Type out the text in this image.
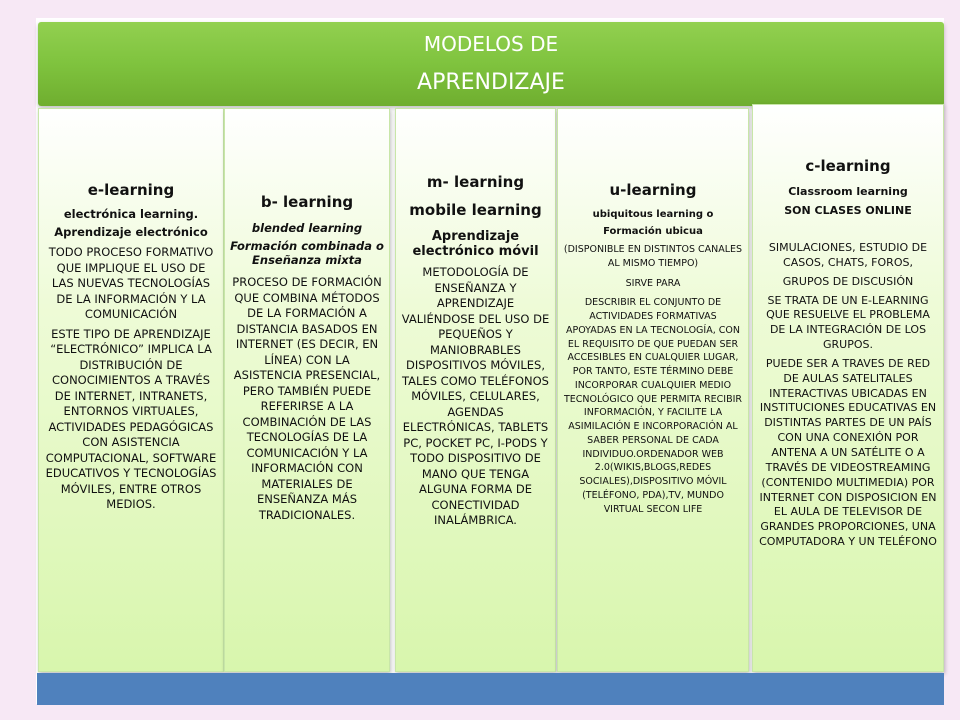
MODELOS DE
APRENDIZAJE

e-learning

electrónica learning.

Aprendizaje electrónico

TODO PROCESO FORMATIVO QUE IMPLIQUE EL USO DE LAS NUEVAS TECNOLOGÍAS DE LA INFORMACIÓN Y LA COMUNICACIÓN

ESTE TIPO DE APRENDIZAJE “ELECTRÓNICO” IMPLICA LA DISTRIBUCIÓN DE CONOCIMIENTOS A TRAVÉS DE INTERNET, INTRANETS, ENTORNOS VIRTUALES, ACTIVIDADES PEDAGÓGICAS CON ASISTENCIA COMPUTACIONAL, SOFTWARE EDUCATIVOS Y TECNOLOGÍAS MÓVILES, ENTRE OTROS MEDIOS.

b- learning

blended learning

Formación combinada o Enseñanza mixta

PROCESO DE FORMACIÓN QUE COMBINA MÉTODOS DE LA FORMACIÓN A DISTANCIA BASADOS EN INTERNET (ES DECIR, EN LÍNEA) CON LA ASISTENCIA PRESENCIAL, PERO TAMBIÉN PUEDE REFERIRSE A LA COMBINACIÓN DE LAS TECNOLOGÍAS DE LA COMUNICACIÓN Y LA INFORMACIÓN CON MATERIALES DE ENSEÑANZA MÁS TRADICIONALES.

m- learning

mobile learning

Aprendizaje electrónico móvil

METODOLOGÍA DE ENSEÑANZA Y APRENDIZAJE VALIÉNDOSE DEL USO DE PEQUEÑOS Y MANIOBRABLES DISPOSITIVOS MÓVILES, TALES COMO TELÉFONOS MÓVILES, CELULARES, AGENDAS ELECTRÓNICAS, TABLETS PC, POCKET PC, I-PODS Y TODO DISPOSITIVO DE MANO QUE TENGA ALGUNA FORMA DE CONECTIVIDAD INALÁMBRICA.

u-learning

ubiquitous learning o

Formación ubicua

(DISPONIBLE EN DISTINTOS CANALES AL MISMO TIEMPO)

SIRVE PARA

DESCRIBIR EL CONJUNTO DE ACTIVIDADES FORMATIVAS APOYADAS EN LA TECNOLOGÍA, CON EL REQUISITO DE QUE PUEDAN SER ACCESIBLES EN CUALQUIER LUGAR, POR TANTO, ESTE TÉRMINO DEBE INCORPORAR CUALQUIER MEDIO TECNOLÓGICO QUE PERMITA RECIBIR INFORMACIÓN, Y FACILITE LA ASIMILACIÓN E INCORPORACIÓN AL SABER PERSONAL DE CADA INDIVIDUO.ORDENADOR WEB 2.0(WIKIS,BLOGS,REDES SOCIALES),DISPOSITIVO MÓVIL (TELÉFONO, PDA),TV, MUNDO VIRTUAL SECON LIFE

c-learning

Classroom learning

SON CLASES ONLINE

SIMULACIONES, ESTUDIO DE CASOS, CHATS, FOROS,

GRUPOS DE DISCUSIÓN

SE TRATA DE UN E-LEARNING QUE RESUELVE EL PROBLEMA DE LA INTEGRACIÓN DE LOS GRUPOS.

PUEDE SER A TRAVES DE RED DE AULAS SATELITALES INTERACTIVAS UBICADAS EN INSTITUCIONES EDUCATIVAS EN DISTINTAS PARTES DE UN PAÍS CON UNA CONEXIÓN POR ANTENA A UN SATÉLITE O A TRAVÉS DE VIDEOSTREAMING (CONTENIDO MULTIMEDIA) POR INTERNET CON DISPOSICION EN EL AULA DE TELEVISOR DE GRANDES PROPORCIONES, UNA COMPUTADORA Y UN TELÉFONO
